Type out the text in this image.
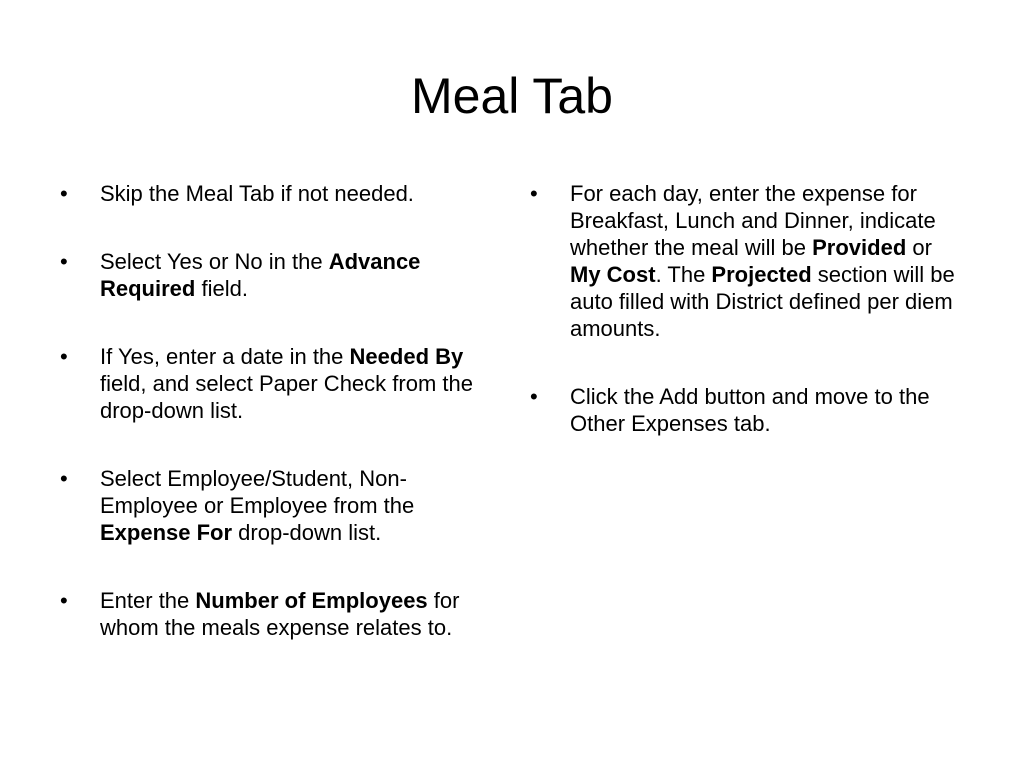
Meal Tab
•	Skip the Meal Tab if not needed.
•	Select Yes or No in the Advance Required field.
•	If Yes, enter a date in the Needed By field, and select Paper Check from the drop-down list.
•	Select Employee/Student, Non-Employee or Employee from the Expense For drop-down list.
•	Enter the Number of Employees for whom the meals expense relates to.
•	For each day, enter the expense for Breakfast, Lunch and Dinner, indicate whether the meal will be Provided or My Cost. The Projected section will be auto filled with District defined per diem amounts.
•	Click the Add button and move to the Other Expenses tab.
